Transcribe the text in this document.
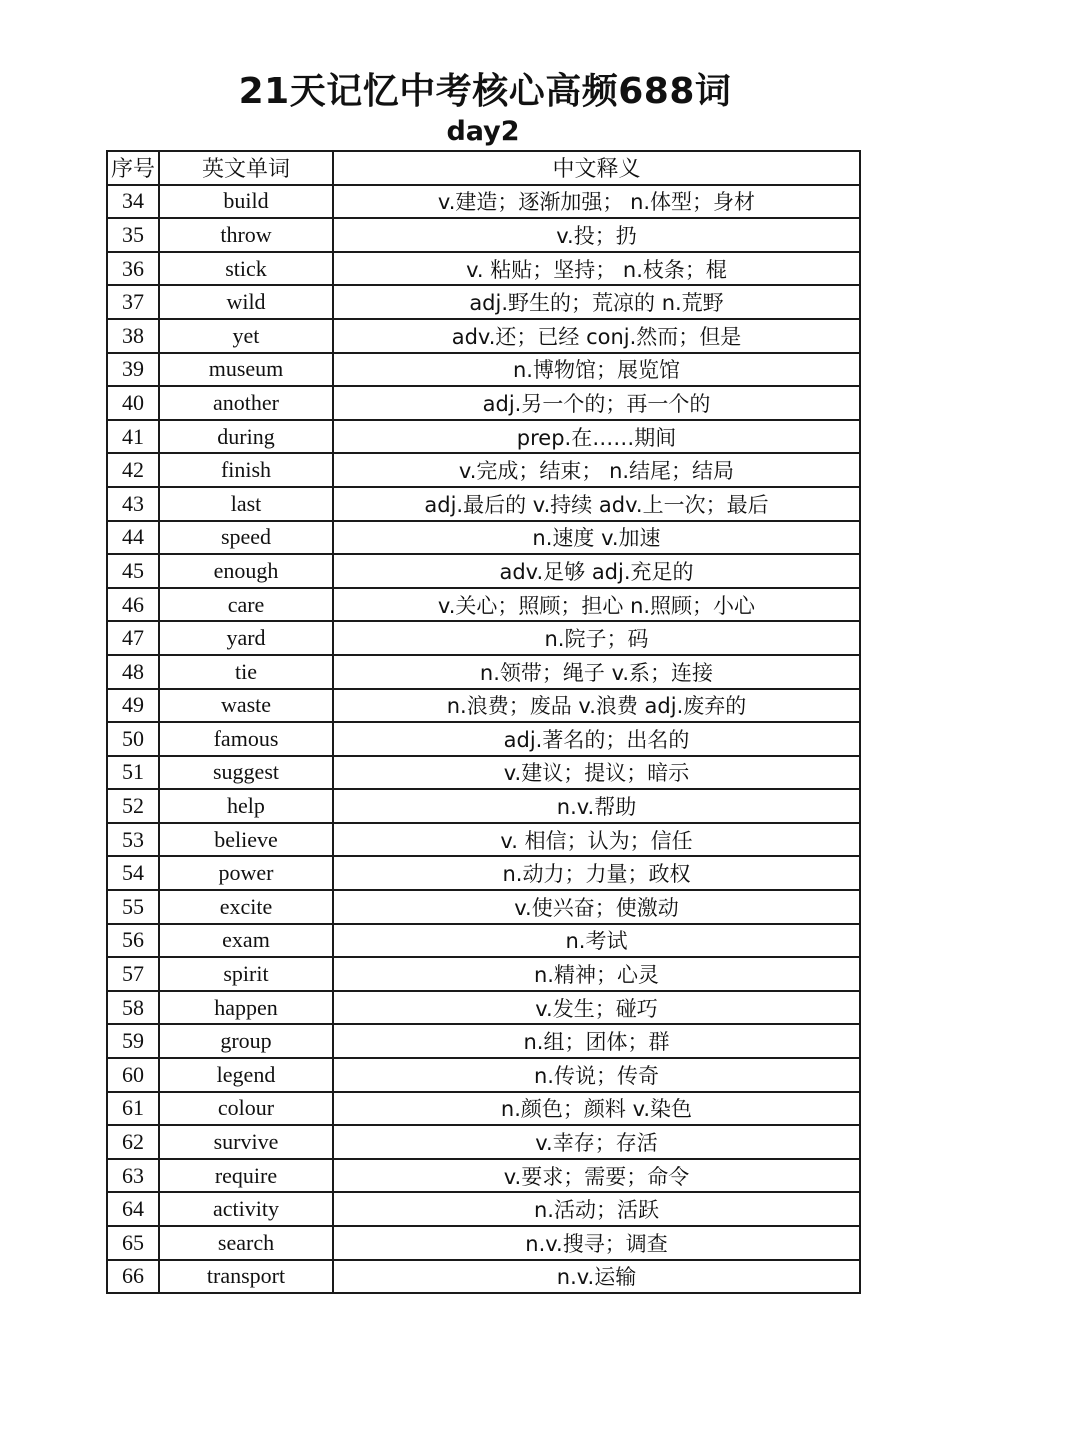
21天记忆中考核心高频688词
day2
序号	英文单词	中文释义
34	build	v.建造；逐渐加强； n.体型；身材
35	throw	v.投；扔
36	stick	v. 粘贴；坚持； n.枝条；棍
37	wild	adj.野生的；荒凉的 n.荒野
38	yet	adv.还；已经 conj.然而；但是
39	museum	n.博物馆；展览馆
40	another	adj.另一个的；再一个的
41	during	prep.在……期间
42	finish	v.完成；结束； n.结尾；结局
43	last	adj.最后的 v.持续 adv.上一次；最后
44	speed	n.速度 v.加速
45	enough	adv.足够 adj.充足的
46	care	v.关心；照顾；担心 n.照顾；小心
47	yard	n.院子；码
48	tie	n.领带；绳子 v.系；连接
49	waste	n.浪费；废品 v.浪费 adj.废弃的
50	famous	adj.著名的；出名的
51	suggest	v.建议；提议；暗示
52	help	n.v.帮助
53	believe	v. 相信；认为；信任
54	power	n.动力；力量；政权
55	excite	v.使兴奋；使激动
56	exam	n.考试
57	spirit	n.精神；心灵
58	happen	v.发生；碰巧
59	group	n.组；团体；群
60	legend	n.传说；传奇
61	colour	n.颜色；颜料 v.染色
62	survive	v.幸存；存活
63	require	v.要求；需要；命令
64	activity	n.活动；活跃
65	search	n.v.搜寻；调查
66	transport	n.v.运输
